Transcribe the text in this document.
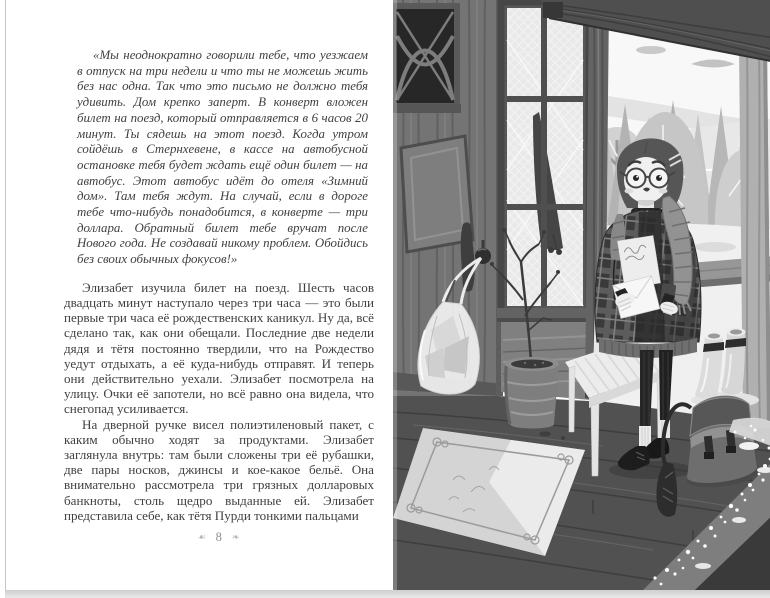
«Мы неоднократно говорили тебе, что уезжаем в отпуск на три недели и что ты не можешь жить без нас одна. Так что это письмо не должно тебя удивить. Дом крепко заперт. В конверт вложен билет на поезд, который отправляется в 6 часов 20 минут. Ты сядешь на этот поезд. Когда утром сойдёшь в Стернхевене, в кассе на автобусной остановке тебя будет ждать ещё один билет — на автобус. Этот автобус идёт до отеля «Зимний дом». Там тебя ждут. На случай, если в дороге тебе что-нибудь понадобится, в конверте — три доллара. Обратный билет тебе вручат после Нового года. Не создавай никому проблем. Обойдись без своих обычных фокусов!»

Элизабет изучила билет на поезд. Шесть часов двадцать минут наступало через три часа — это были первые три часа её рождественских каникул. Ну да, всё сделано так, как они обещали. Последние две недели дядя и тётя постоянно твердили, что на Рождество уедут отдыхать, а её куда-нибудь отправят. И теперь они действительно уехали. Элизабет посмотрела на улицу. Очки её запотели, но всё равно она видела, что снегопад усиливается.

На дверной ручке висел полиэтиленовый пакет, с каким обычно ходят за продуктами. Элизабет заглянула внутрь: там были сложены три её рубашки, две пары носков, джинсы и кое-какое бельё. Она внимательно рассмотрела три грязных долларовых банкноты, столь щедро выданные ей. Элизабет представила себе, как тётя Пурди тонкими пальцами

☙ 8 ❧
